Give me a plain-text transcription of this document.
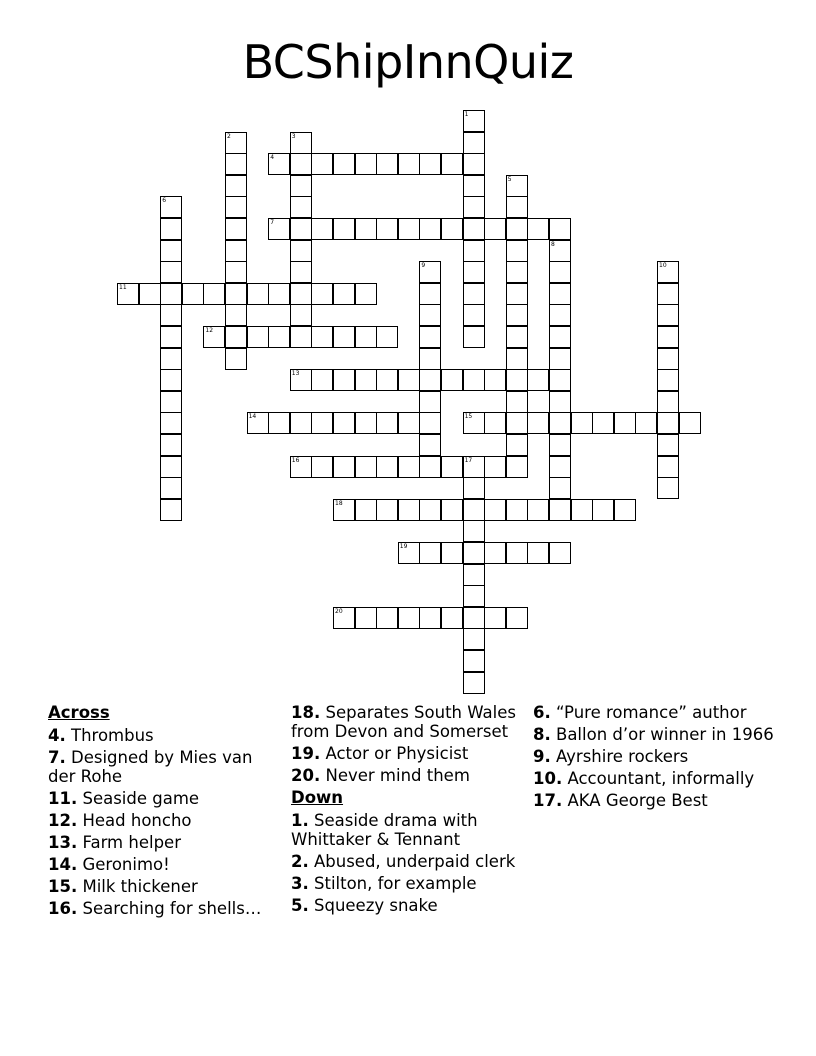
BCShipInnQuiz
1
2	3
4
5
6
7
8
9	10
11
12
13
14	15
16	17
18
19
20
Across
4. Thrombus
7. Designed by Mies van der Rohe
11. Seaside game
12. Head honcho
13. Farm helper
14. Geronimo!
15. Milk thickener
16. Searching for shells…
18. Separates South Wales from Devon and Somerset
19. Actor or Physicist
20. Never mind them
Down
1. Seaside drama with Whittaker & Tennant
2. Abused, underpaid clerk
3. Stilton, for example
5. Squeezy snake
6. “Pure romance” author
8. Ballon d’or winner in 1966
9. Ayrshire rockers
10. Accountant, informally
17. AKA George Best
